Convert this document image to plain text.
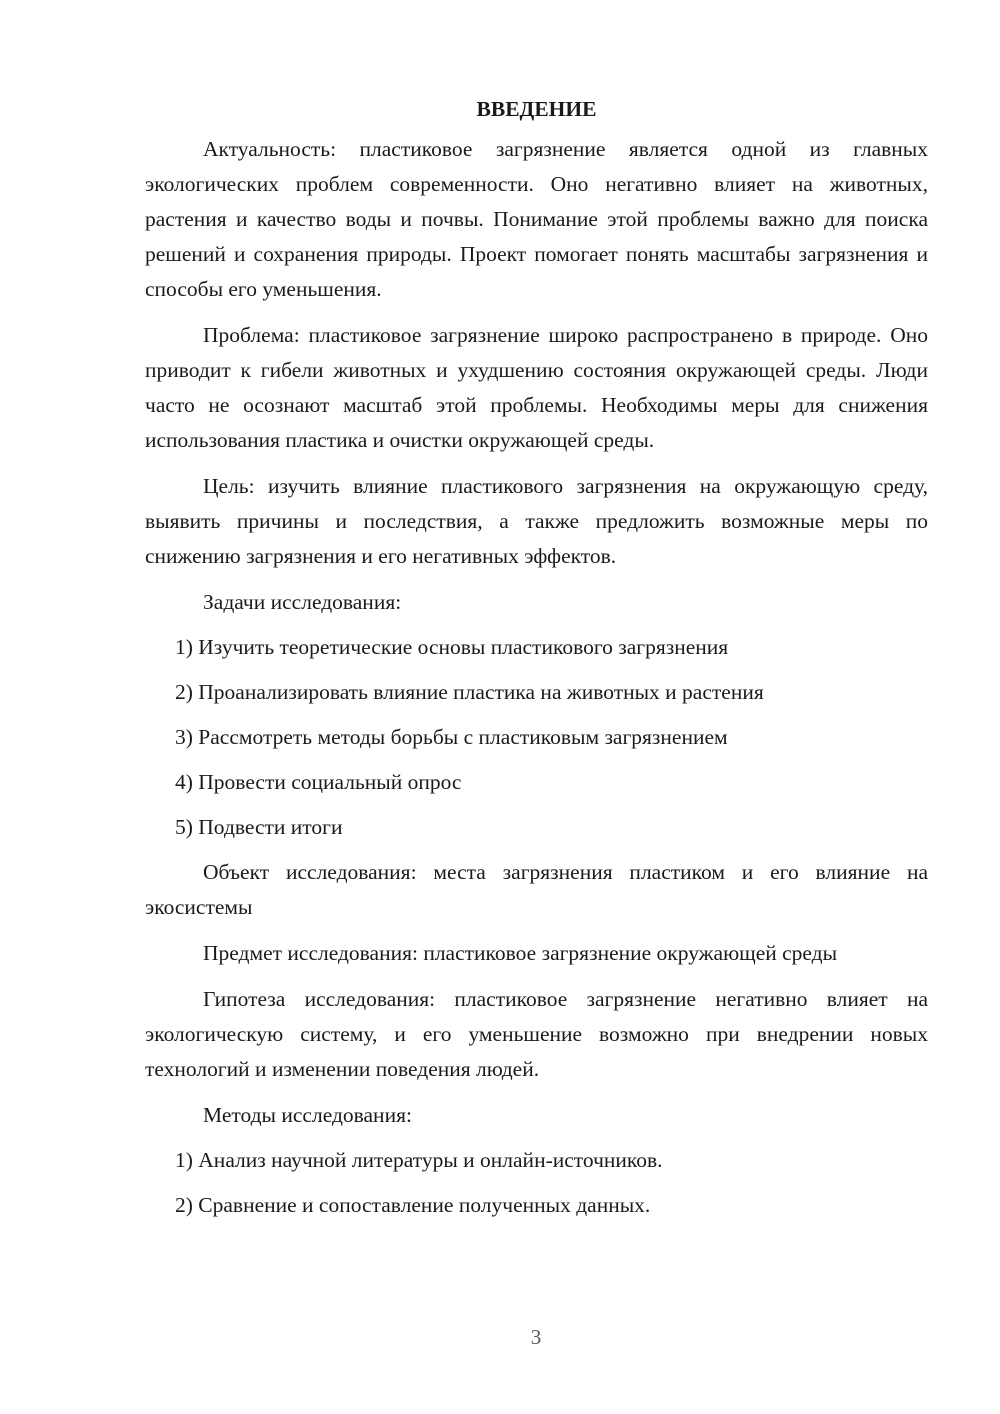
ВВЕДЕНИЕ

Актуальность: пластиковое загрязнение является одной из главных экологических проблем современности. Оно негативно влияет на животных, растения и качество воды и почвы. Понимание этой проблемы важно для поиска решений и сохранения природы. Проект помогает понять масштабы загрязнения и способы его уменьшения.

Проблема: пластиковое загрязнение широко распространено в природе. Оно приводит к гибели животных и ухудшению состояния окружающей среды. Люди часто не осознают масштаб этой проблемы. Необходимы меры для снижения использования пластика и очистки окружающей среды.

Цель: изучить влияние пластикового загрязнения на окружающую среду, выявить причины и последствия, а также предложить возможные меры по снижению загрязнения и его негативных эффектов.

Задачи исследования:

1) Изучить теоретические основы пластикового загрязнения
2) Проанализировать влияние пластика на животных и растения
3) Рассмотреть методы борьбы с пластиковым загрязнением
4) Провести социальный опрос
5) Подвести итоги

Объект исследования: места загрязнения пластиком и его влияние на экосистемы

Предмет исследования: пластиковое загрязнение окружающей среды

Гипотеза исследования: пластиковое загрязнение негативно влияет на экологическую систему, и его уменьшение возможно при внедрении новых технологий и изменении поведения людей.

Методы исследования:

1) Анализ научной литературы и онлайн-источников.
2) Сравнение и сопоставление полученных данных.
3
